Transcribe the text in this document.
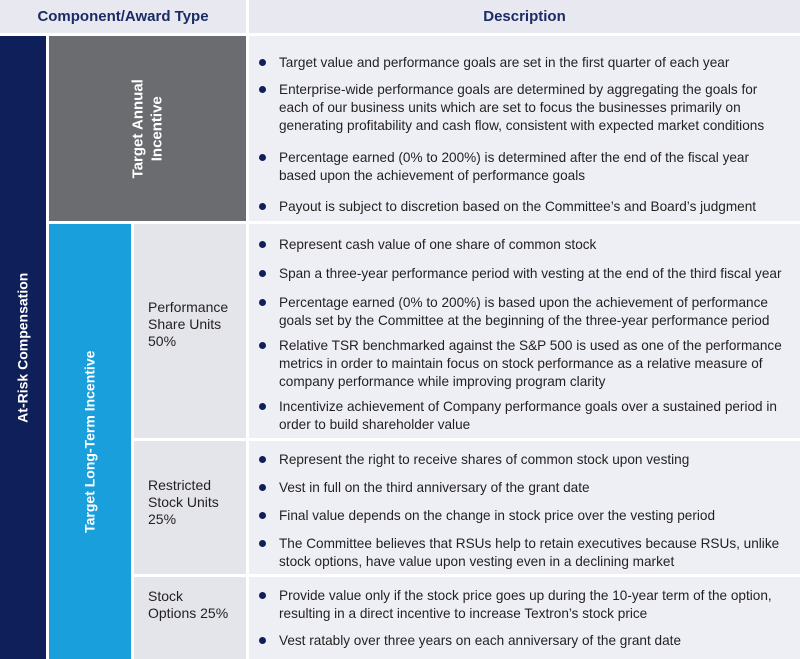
Component/Award Type	Description
At-Risk Compensation
Target Annual Incentive
Target value and performance goals are set in the first quarter of each year
Enterprise-wide performance goals are determined by aggregating the goals for each of our business units which are set to focus the businesses primarily on generating profitability and cash flow, consistent with expected market conditions
Percentage earned (0% to 200%) is determined after the end of the fiscal year based upon the achievement of performance goals
Payout is subject to discretion based on the Committee’s and Board’s judgment
Target Long-Term Incentive
Performance Share Units 50%
Represent cash value of one share of common stock
Span a three-year performance period with vesting at the end of the third fiscal year
Percentage earned (0% to 200%) is based upon the achievement of performance goals set by the Committee at the beginning of the three-year performance period
Relative TSR benchmarked against the S&P 500 is used as one of the performance metrics in order to maintain focus on stock performance as a relative measure of company performance while improving program clarity
Incentivize achievement of Company performance goals over a sustained period in order to build shareholder value
Restricted Stock Units 25%
Represent the right to receive shares of common stock upon vesting
Vest in full on the third anniversary of the grant date
Final value depends on the change in stock price over the vesting period
The Committee believes that RSUs help to retain executives because RSUs, unlike stock options, have value upon vesting even in a declining market
Stock Options 25%
Provide value only if the stock price goes up during the 10-year term of the option, resulting in a direct incentive to increase Textron’s stock price
Vest ratably over three years on each anniversary of the grant date
